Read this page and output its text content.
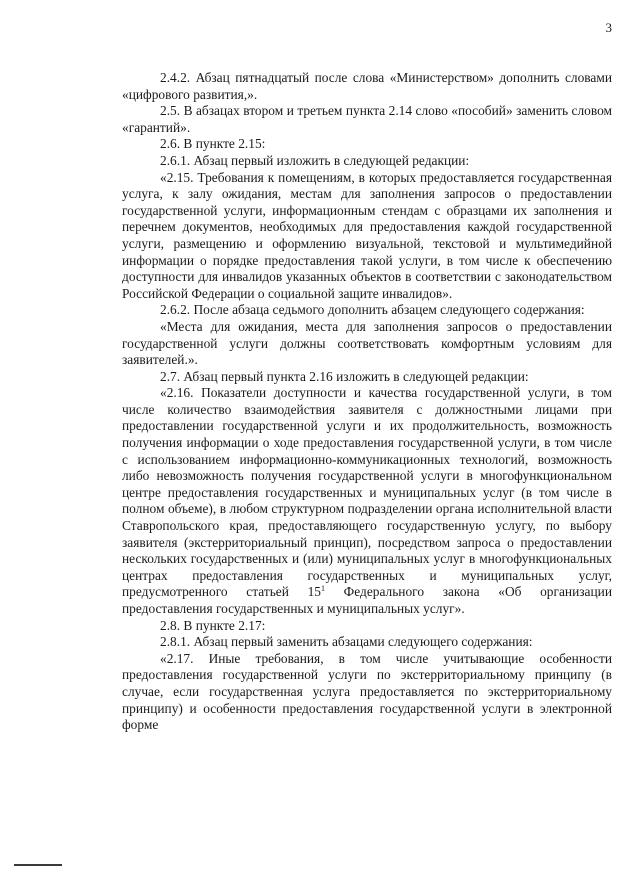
3

2.4.2. Абзац пятнадцатый после слова «Министерством» дополнить словами «цифрового развития,».

2.5. В абзацах втором и третьем пункта 2.14 слово «пособий» заменить словом «гарантий».

2.6. В пункте 2.15:

2.6.1. Абзац первый изложить в следующей редакции:

«2.15. Требования к помещениям, в которых предоставляется государственная услуга, к залу ожидания, местам для заполнения запросов о предоставлении государственной услуги, информационным стендам с образцами их заполнения и перечнем документов, необходимых для предоставления каждой государственной услуги, размещению и оформлению визуальной, текстовой и мультимедийной информации о порядке предоставления такой услуги, в том числе к обеспечению доступности для инвалидов указанных объектов в соответствии с законодательством Российской Федерации о социальной защите инвалидов».

2.6.2. После абзаца седьмого дополнить абзацем следующего содержания:

«Места для ожидания, места для заполнения запросов о предоставлении государственной услуги должны соответствовать комфортным условиям для заявителей.».

2.7. Абзац первый пункта 2.16 изложить в следующей редакции:

«2.16. Показатели доступности и качества государственной услуги, в том числе количество взаимодействия заявителя с должностными лицами при предоставлении государственной услуги и их продолжительность, возможность получения информации о ходе предоставления государственной услуги, в том числе с использованием информационно-коммуникационных технологий, возможность либо невозможность получения государственной услуги в многофункциональном центре предоставления государственных и муниципальных услуг (в том числе в полном объеме), в любом структурном подразделении органа исполнительной власти Ставропольского края, предоставляющего государственную услугу, по выбору заявителя (экстерриториальный принцип), посредством запроса о предоставлении нескольких государственных и (или) муниципальных услуг в многофункциональных центрах предоставления государственных и муниципальных услуг, предусмотренного статьей $15^1$ Федерального закона «Об организации предоставления государственных и муниципальных услуг».

2.8. В пункте 2.17:

2.8.1. Абзац первый заменить абзацами следующего содержания:

«2.17. Иные требования, в том числе учитывающие особенности предоставления государственной услуги по экстерриториальному принципу (в случае, если государственная услуга предоставляется по экстерриториальному принципу) и особенности предоставления государственной услуги в электронной форме
